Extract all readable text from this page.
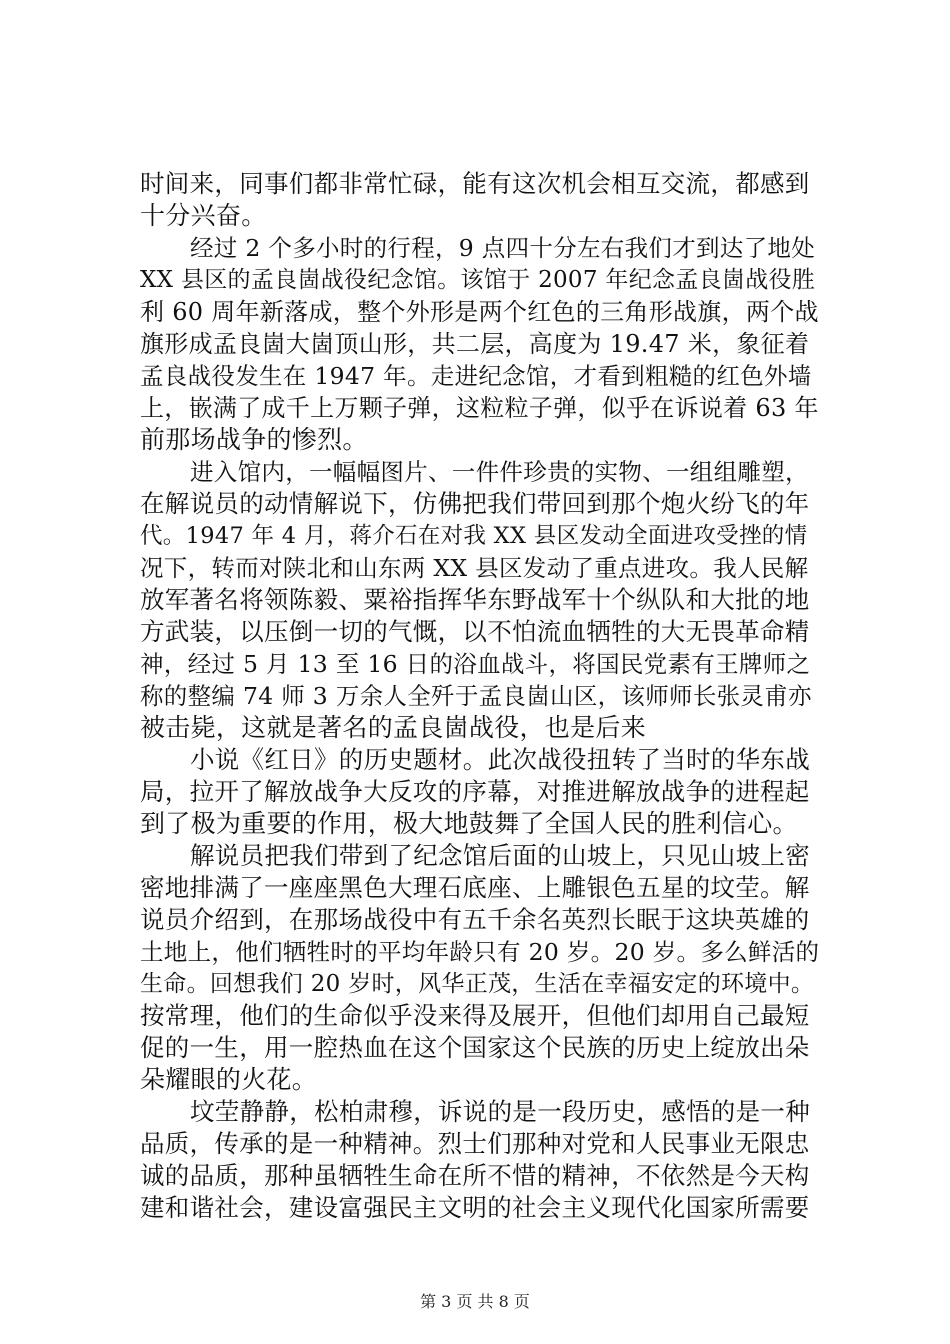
时间来，同事们都非常忙碌，能有这次机会相互交流，都感到
十分兴奋。
经过 2 个多小时的行程，9 点四十分左右我们才到达了地处
XX 县区的孟良崮战役纪念馆。该馆于 2007 年纪念孟良崮战役胜
利 60 周年新落成，整个外形是两个红色的三角形战旗，两个战
旗形成孟良崮大崮顶山形，共二层，高度为 19.47 米，象征着
孟良战役发生在 1947 年。走进纪念馆，才看到粗糙的红色外墙
上，嵌满了成千上万颗子弹，这粒粒子弹，似乎在诉说着 63 年
前那场战争的惨烈。
进入馆内，一幅幅图片、一件件珍贵的实物、一组组雕塑，
在解说员的动情解说下，仿佛把我们带回到那个炮火纷飞的年
代。1947 年 4 月，蒋介石在对我 XX 县区发动全面进攻受挫的情
况下，转而对陕北和山东两 XX 县区发动了重点进攻。我人民解
放军著名将领陈毅、粟裕指挥华东野战军十个纵队和大批的地
方武装，以压倒一切的气慨，以不怕流血牺牲的大无畏革命精
神，经过 5 月 13 至 16 日的浴血战斗，将国民党素有王牌师之
称的整编 74 师 3 万余人全歼于孟良崮山区，该师师长张灵甫亦
被击毙，这就是著名的孟良崮战役，也是后来
小说《红日》的历史题材。此次战役扭转了当时的华东战
局，拉开了解放战争大反攻的序幕，对推进解放战争的进程起
到了极为重要的作用，极大地鼓舞了全国人民的胜利信心。
解说员把我们带到了纪念馆后面的山坡上，只见山坡上密
密地排满了一座座黑色大理石底座、上雕银色五星的坟茔。解
说员介绍到，在那场战役中有五千余名英烈长眠于这块英雄的
土地上，他们牺牲时的平均年龄只有 20 岁。20 岁。多么鲜活的
生命。回想我们 20 岁时，风华正茂，生活在幸福安定的环境中。
按常理，他们的生命似乎没来得及展开，但他们却用自己最短
促的一生，用一腔热血在这个国家这个民族的历史上绽放出朵
朵耀眼的火花。
坟茔静静，松柏肃穆，诉说的是一段历史，感悟的是一种
品质，传承的是一种精神。烈士们那种对党和人民事业无限忠
诚的品质，那种虽牺牲生命在所不惜的精神，不依然是今天构
建和谐社会，建设富强民主文明的社会主义现代化国家所需要
第 3 页 共 8 页
